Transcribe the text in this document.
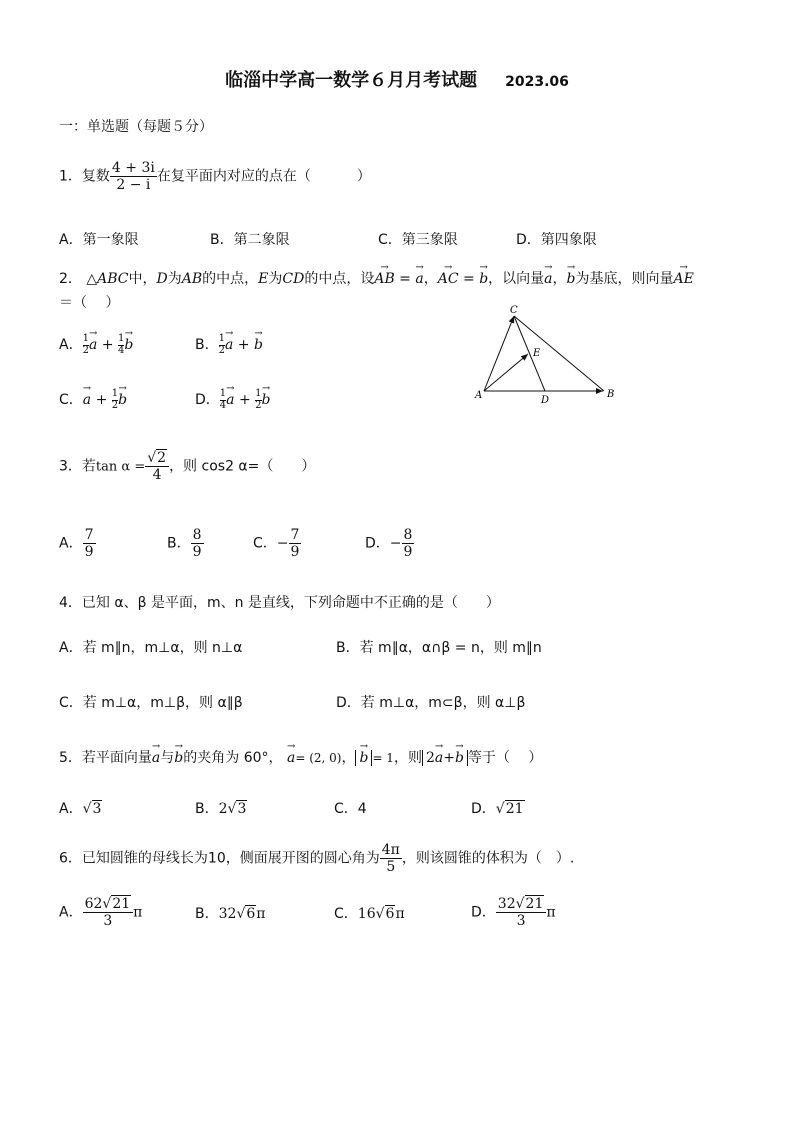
临淄中学高一数学６月月考试题 2023.06
一：单选题（每题５分）
1．复数 $\frac{4 + 3i}{2 - i}$ 在复平面内对应的点在（	）
A．第一象限	B．第二象限	C．第三象限	D．第四象限
2． △ABC中，D为AB的中点，E为CD的中点，设→ AB = → a，→ AC = → b，以向量→ a，→ b为基底，则向量→ AE
＝（　 ）
A． $\frac{1}{2}$
→ $a + \frac{1}{4}$
→ b	B． $\frac{1}{2}$
→ a + → b
C．→ $a + \frac{1}{2}$
→ b	D． $\frac{1}{4}$
→ $a + \frac{1}{2}$
→ b	A	B
C
D
E
3．若$\tan \alpha = \frac{√2}{4}$ ，则 cos2 α=（　　）
A． $\frac{7}{9}$	B． $\frac{8}{9}$	C．− $\frac{7}{9}$	D．− $\frac{8}{9}$
4．已知 α、β 是平面，m、n 是直线，下列命题中不正确的是（　　）
A．若 m∥n，m⊥α，则 n⊥α	B．若 m∥α，α∩β = n，则 m∥n
C．若 m⊥α，m⊥β，则 α∥β	D．若 m⊥α，m⊂β，则 α⊥β
5．若平面向量→ a与→ b的夹角为 60°， → a= (2, 0)，→ b = 1，则 2→ a+→ b 等于（　 ）
A．√3	B．2√3	C．4	D．√21
6．已知圆锥的母线长为10，侧面展开图的圆心角为 $\frac{4\pi}{5}$ ，则该圆锥的体积为（　）.
A． $\frac{62√21}{3}$ π	B．32√6π	C．16√6π	D． $\frac{32√21}{3}$ π
